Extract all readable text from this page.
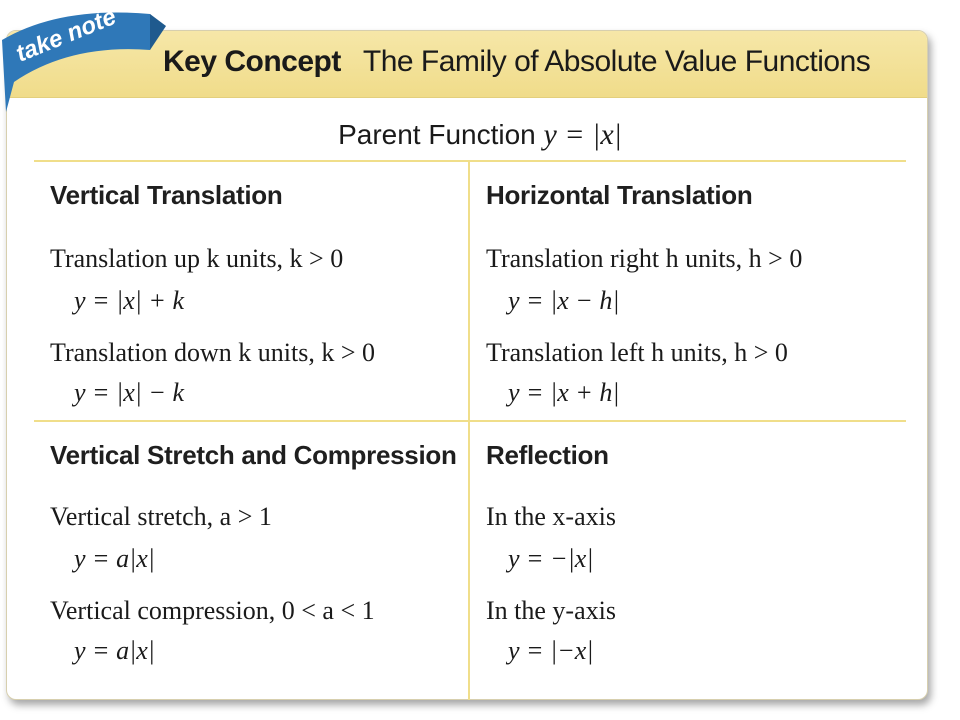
Key Concept The Family of Absolute Value Functions
take note
Parent Function y = |x|
Vertical Translation
Translation up k units, k > 0
y = |x| + k
Translation down k units, k > 0
y = |x| − k
Horizontal Translation
Translation right h units, h > 0
y = |x − h|
Translation left h units, h > 0
y = |x + h|
Vertical Stretch and Compression
Vertical stretch, a > 1
y = a|x|
Vertical compression, 0 < a < 1
y = a|x|
Reflection
In the x-axis
y = −|x|
In the y-axis
y = |−x|
